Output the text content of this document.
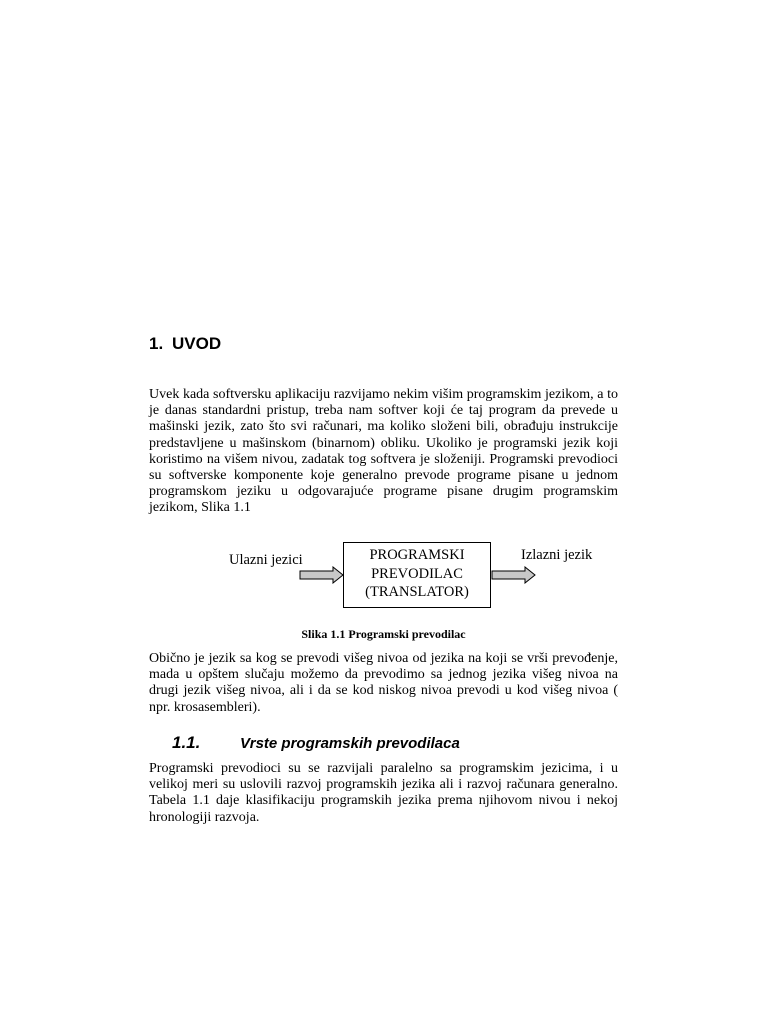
1. UVOD
Uvek kada softversku aplikaciju razvijamo nekim višim programskim jezikom, a to je danas standardni pristup, treba nam softver koji će taj program da prevede u mašinski jezik, zato što svi računari, ma koliko složeni bili, obrađuju instrukcije predstavljene u mašinskom (binarnom) obliku. Ukoliko je programski jezik koji koristimo na višem nivou, zadatak tog softvera je složeniji. Programski prevodioci su softverske komponente koje generalno prevode programe pisane u jednom programskom jeziku u odgovarajuće programe pisane drugim programskim jezikom, Slika 1.1
Ulazni jezici	PROGRAMSKI
PREVODILAC
(TRANSLATOR)
Izlazni jezik
Slika 1.1 Programski prevodilac
Obično je jezik sa kog se prevodi višeg nivoa od jezika na koji se vrši prevođenje, mada u opštem slučaju možemo da prevodimo sa jednog jezika višeg nivoa na drugi jezik višeg nivoa, ali i da se kod niskog nivoa prevodi u kod višeg nivoa ( npr. krosasembleri).
1.1.	Vrste programskih prevodilaca
Programski prevodioci su se razvijali paralelno sa programskim jezicima, i u velikoj meri su uslovili razvoj programskih jezika ali i razvoj računara generalno. Tabela 1.1 daje klasifikaciju programskih jezika prema njihovom nivou i nekoj hronologiji razvoja.
